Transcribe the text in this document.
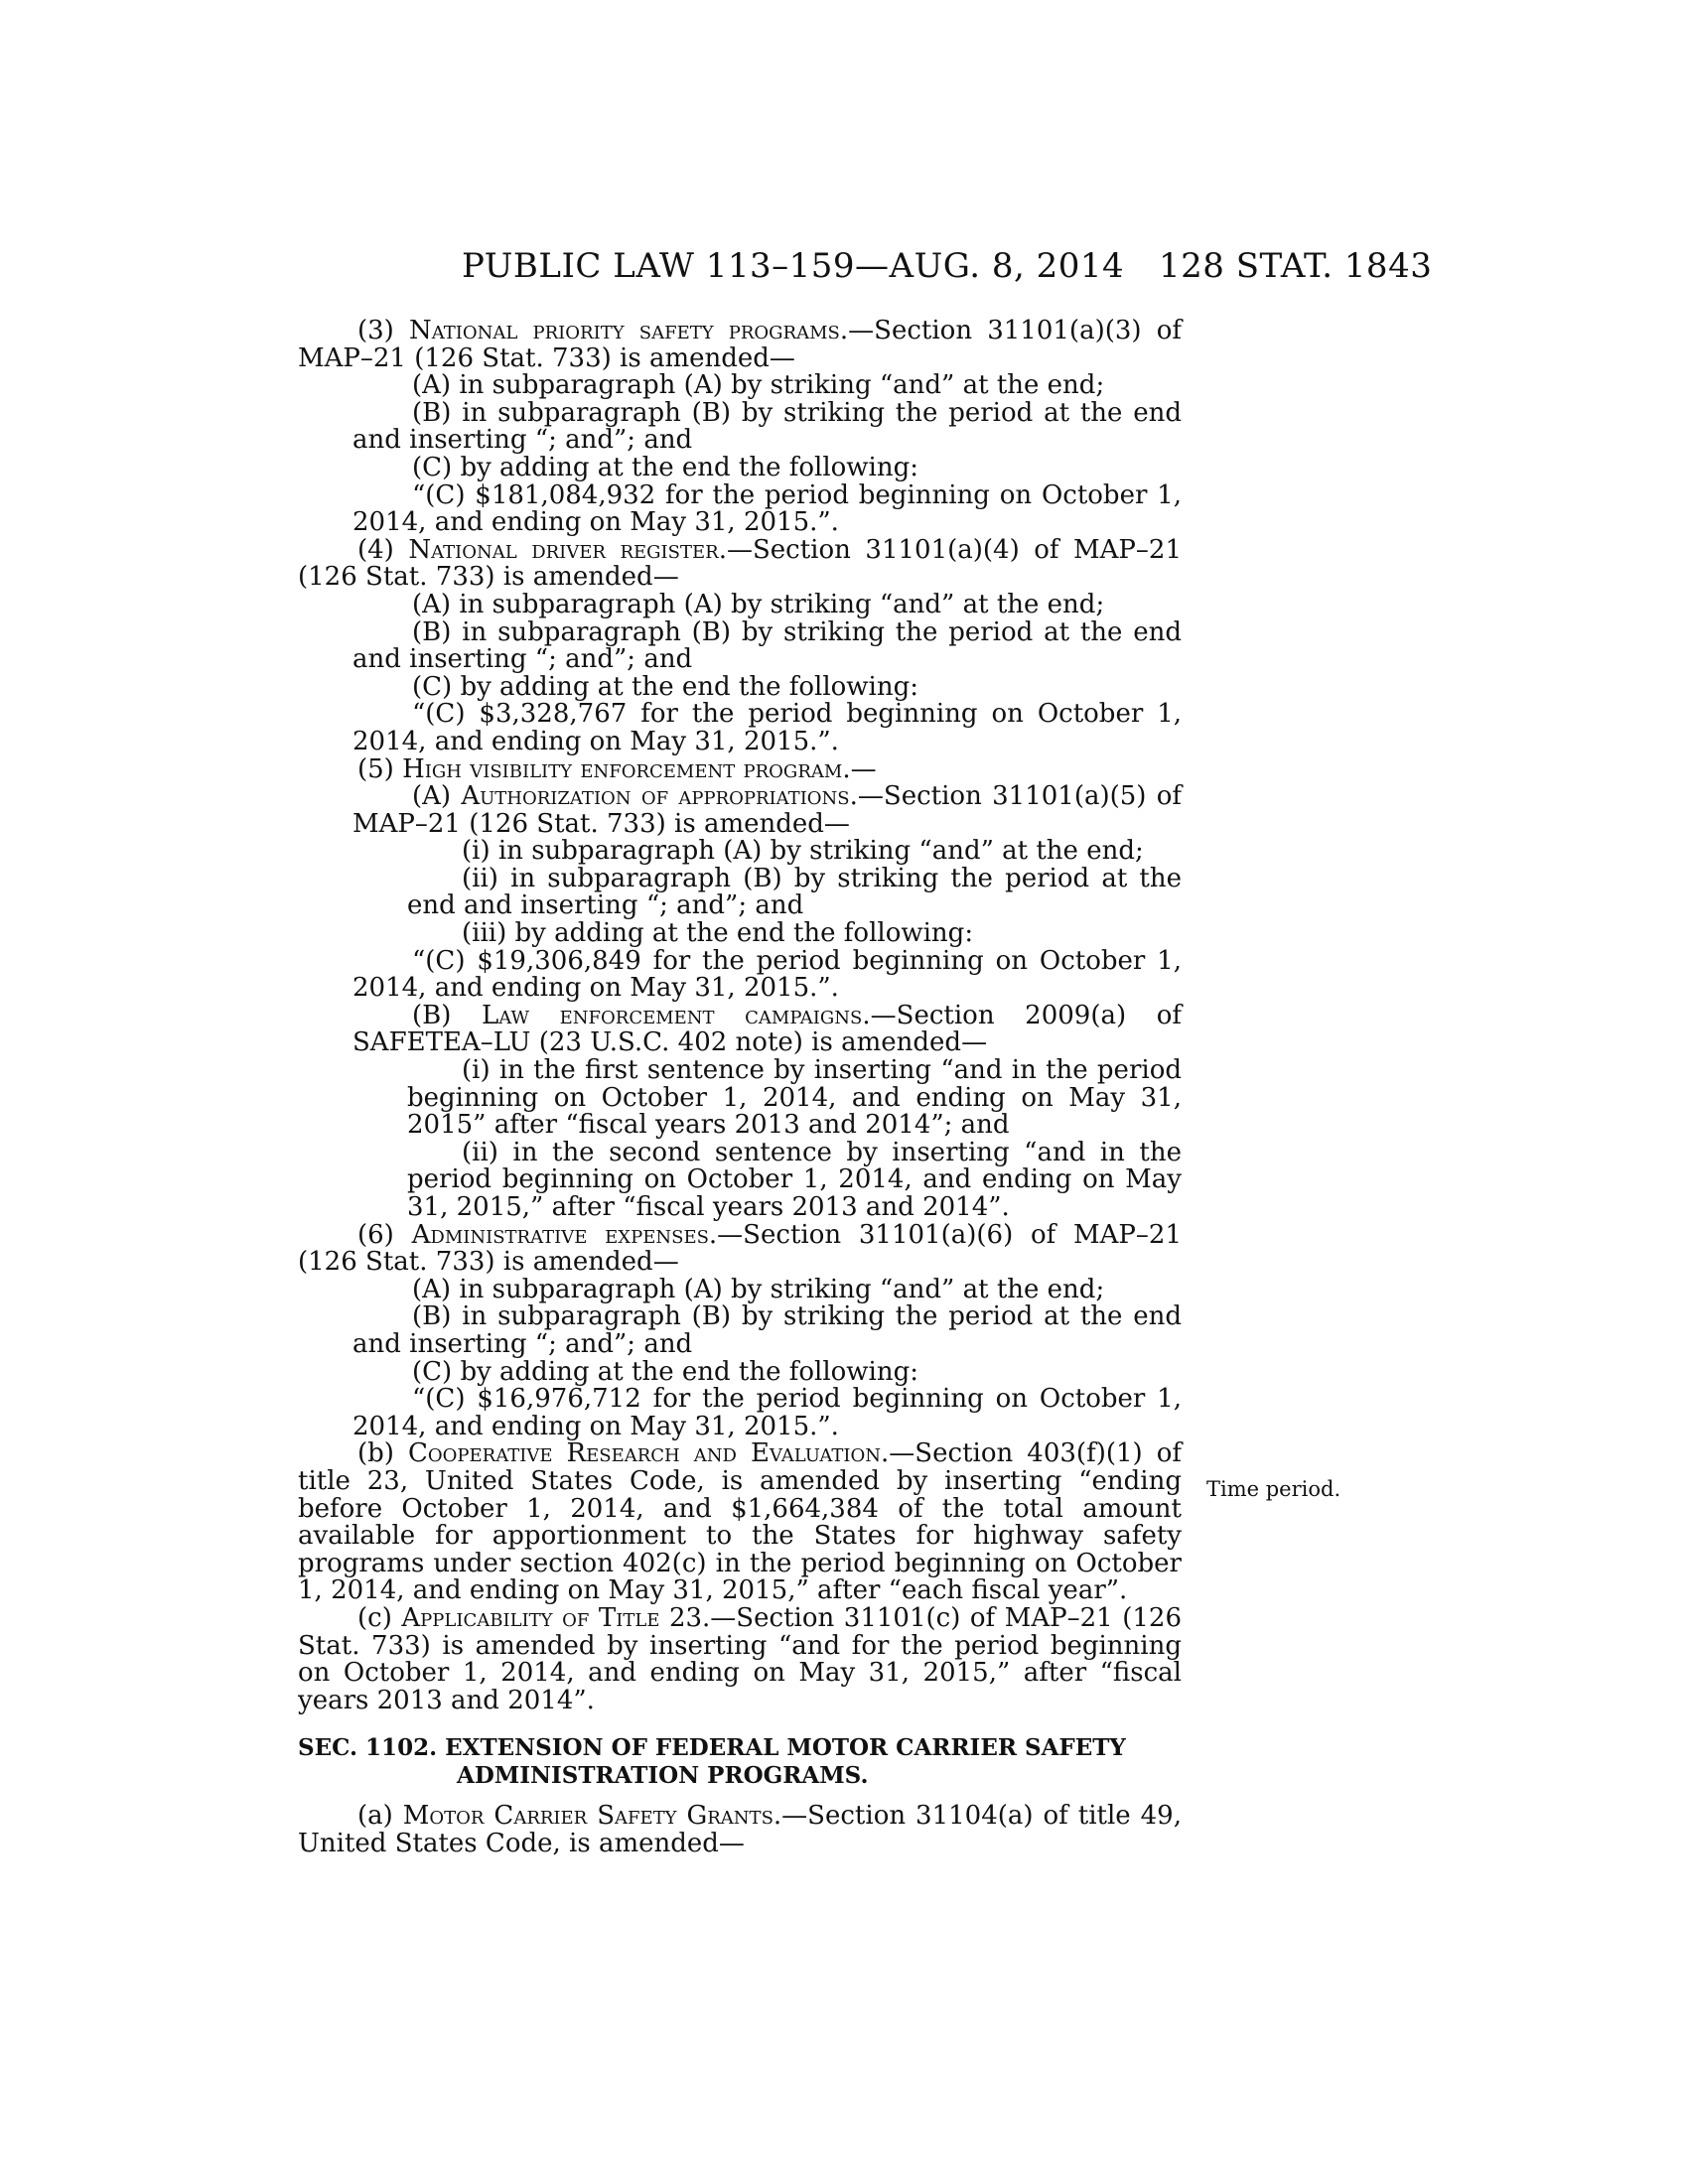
PUBLIC LAW 113–159—AUG. 8, 2014 128 STAT. 1843

(3) National priority safety programs.—Section 31101(a)(3) of MAP–21 (126 Stat. 733) is amended—

(A) in subparagraph (A) by striking “and” at the end;

(B) in subparagraph (B) by striking the period at the end and inserting “; and”; and

(C) by adding at the end the following:

“(C) $181,084,932 for the period beginning on October 1, 2014, and ending on May 31, 2015.”.

(4) National driver register.—Section 31101(a)(4) of MAP–21 (126 Stat. 733) is amended—

(A) in subparagraph (A) by striking “and” at the end;

(B) in subparagraph (B) by striking the period at the end and inserting “; and”; and

(C) by adding at the end the following:

“(C) $3,328,767 for the period beginning on October 1, 2014, and ending on May 31, 2015.”.

(5) High visibility enforcement program.—

(A) Authorization of appropriations.—Section 31101(a)(5) of MAP–21 (126 Stat. 733) is amended—

(i) in subparagraph (A) by striking “and” at the end;

(ii) in subparagraph (B) by striking the period at the end and inserting “; and”; and

(iii) by adding at the end the following:

“(C) $19,306,849 for the period beginning on October 1, 2014, and ending on May 31, 2015.”.

(B) Law enforcement campaigns.—Section 2009(a) of SAFETEA–LU (23 U.S.C. 402 note) is amended—

(i) in the first sentence by inserting “and in the period beginning on October 1, 2014, and ending on May 31, 2015” after “fiscal years 2013 and 2014”; and

(ii) in the second sentence by inserting “and in the period beginning on October 1, 2014, and ending on May 31, 2015,” after “fiscal years 2013 and 2014”.

(6) Administrative expenses.—Section 31101(a)(6) of MAP–21 (126 Stat. 733) is amended—

(A) in subparagraph (A) by striking “and” at the end;

(B) in subparagraph (B) by striking the period at the end and inserting “; and”; and

(C) by adding at the end the following:

“(C) $16,976,712 for the period beginning on October 1, 2014, and ending on May 31, 2015.”.

(b) Cooperative Research and Evaluation.—Section 403(f)(1) of title 23, United States Code, is amended by inserting “ending before October 1, 2014, and $1,664,384 of the total amount available for apportionment to the States for highway safety programs under section 402(c) in the period beginning on October 1, 2014, and ending on May 31, 2015,” after “each fiscal year”.

(c) Applicability of Title 23.—Section 31101(c) of MAP–21 (126 Stat. 733) is amended by inserting “and for the period beginning on October 1, 2014, and ending on May 31, 2015,” after “fiscal years 2013 and 2014”.

SEC. 1102. EXTENSION OF FEDERAL MOTOR CARRIER SAFETY

ADMINISTRATION PROGRAMS.

(a) Motor Carrier Safety Grants.—Section 31104(a) of title 49, United States Code, is amended—

Time period.
